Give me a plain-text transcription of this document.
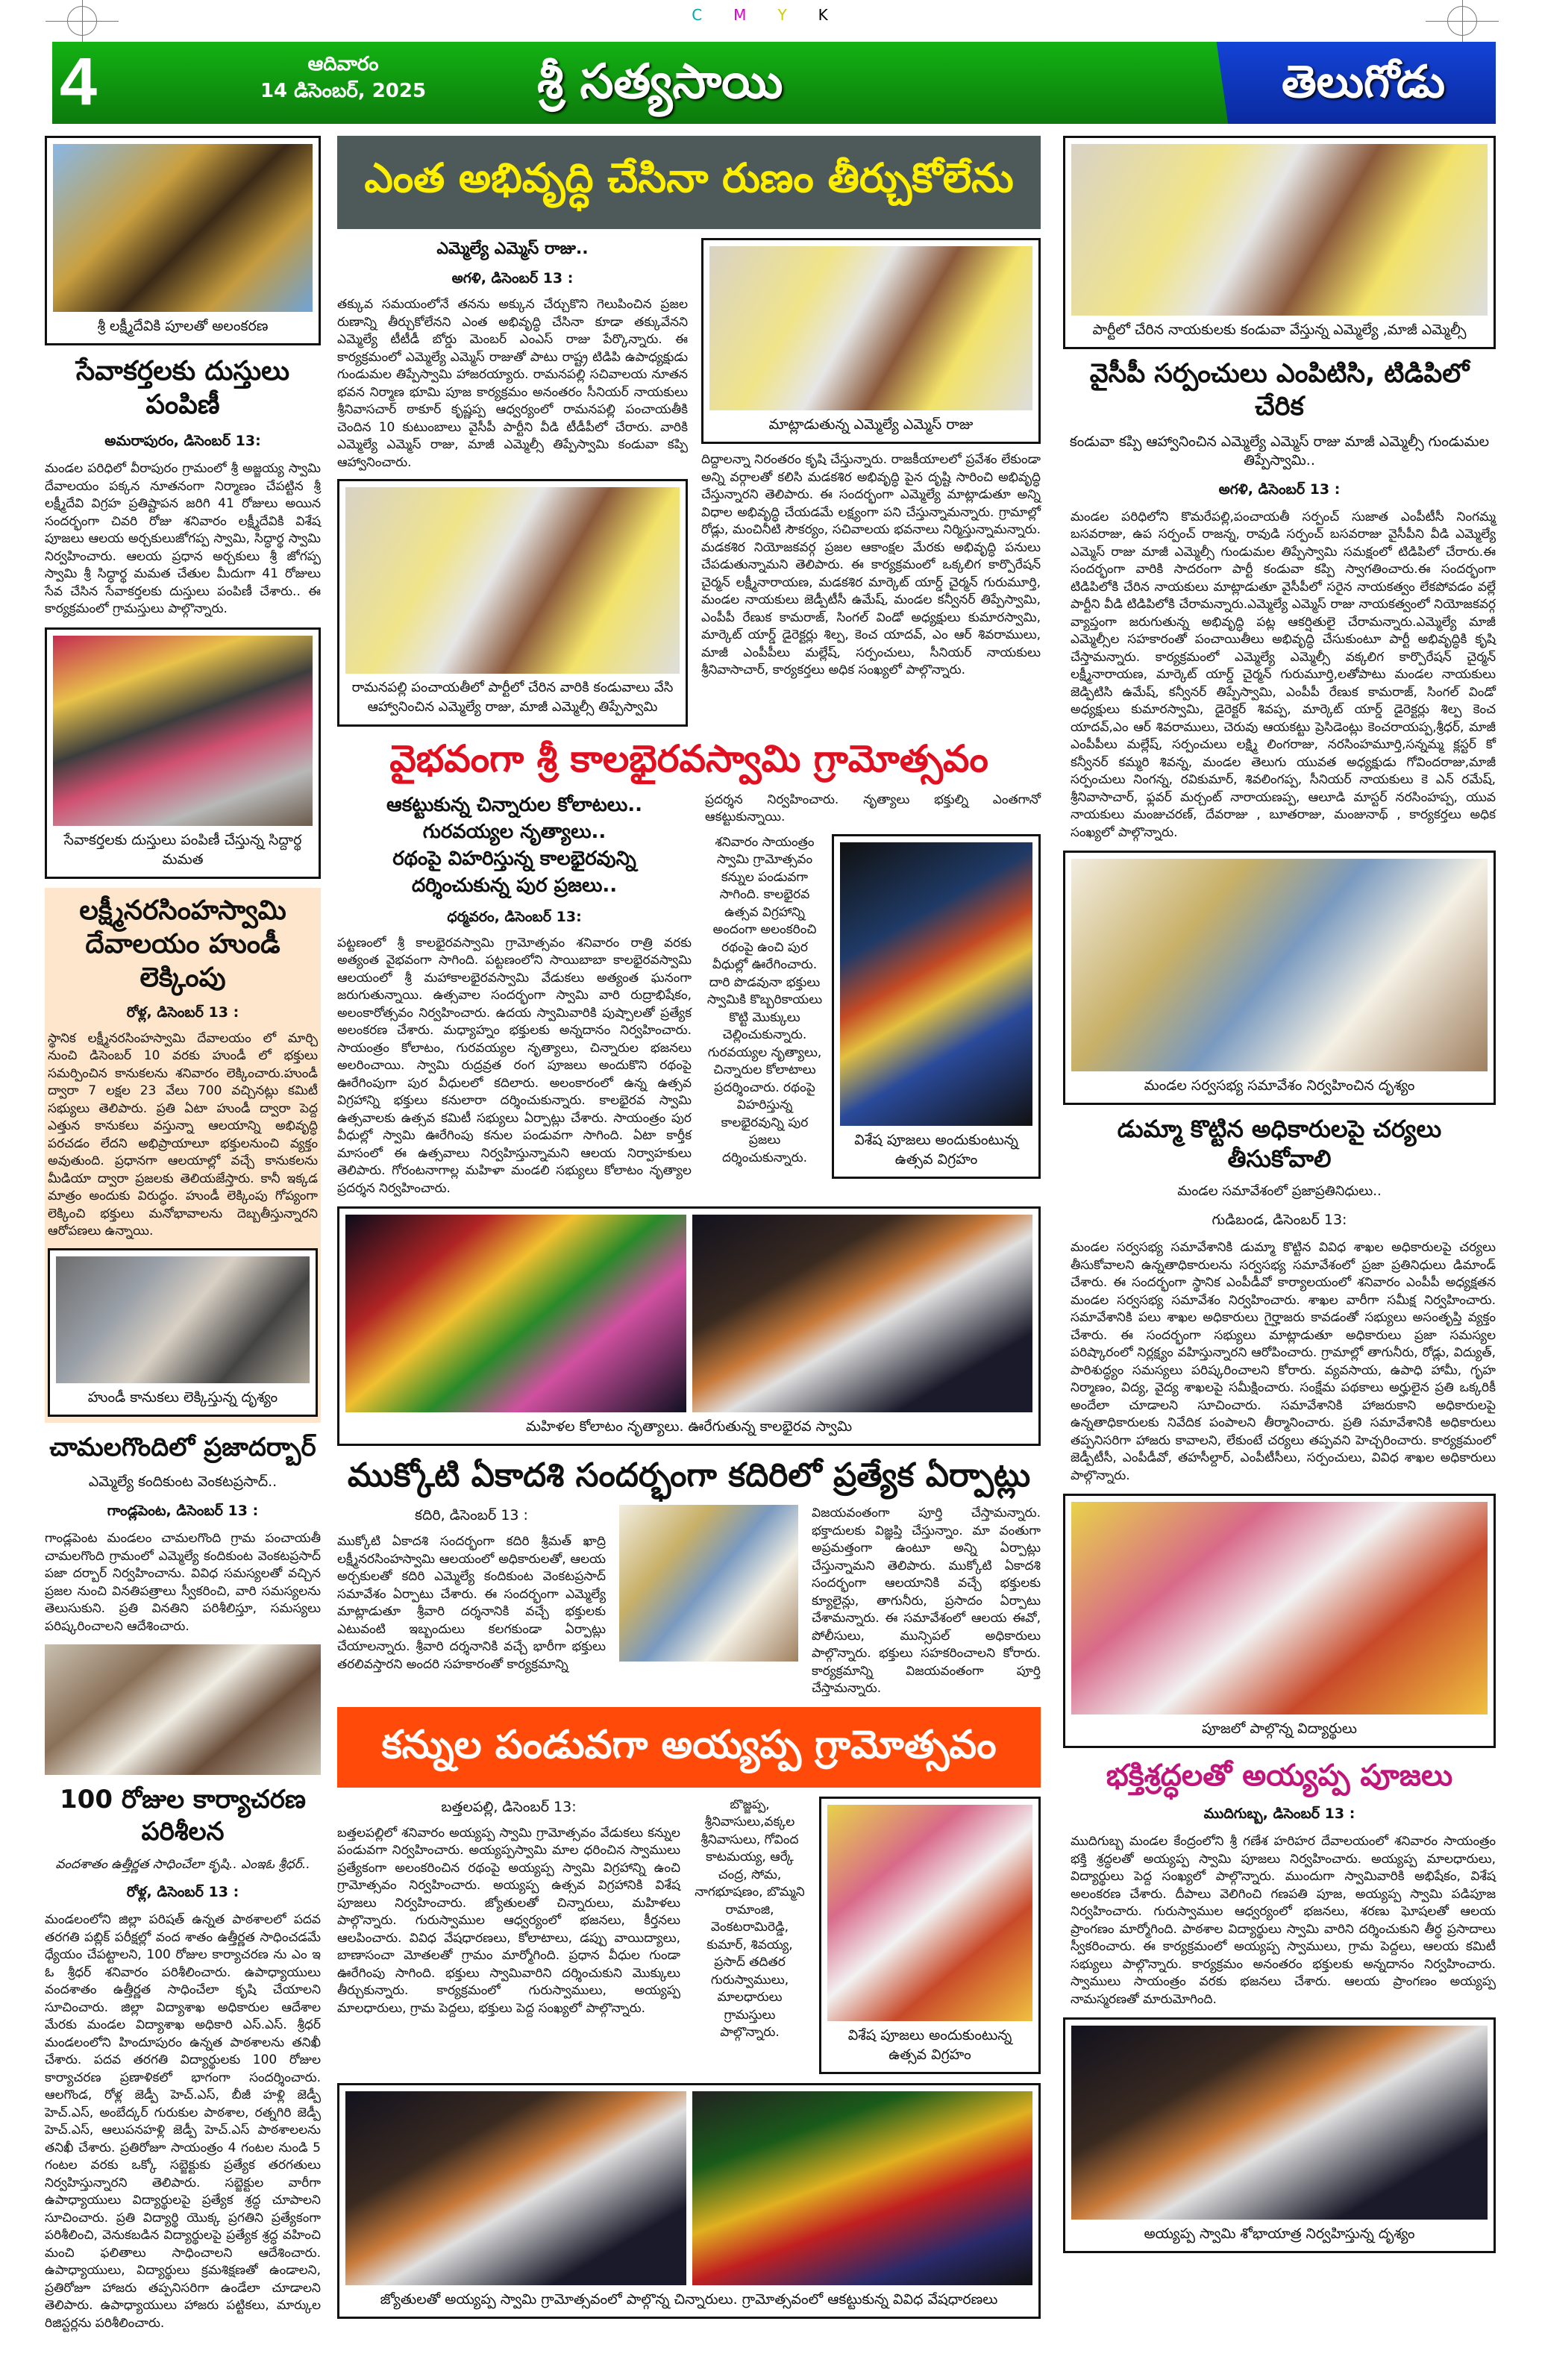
C M Y K
4	ఆదివారం
14 డిసెంబర్, 2025	శ్రీ సత్యసాయి	తెలుగోడు
శ్రీ లక్ష్మీదేవికి పూలతో అలంకరణ
సేవాకర్తలకు దుస్తులు పంపిణీ
అమరాపురం, డిసెంబర్ 13:
మండల పరిధిలో వీరాపురం గ్రామంలో శ్రీ అజ్జయ్య స్వామి దేవాలయం పక్కన నూతనంగా నిర్మాణం చేపట్టిన శ్రీ లక్ష్మీదేవి విగ్రహ ప్రతిష్టాపన జరిగి 41 రోజులు అయిన సందర్భంగా చివరి రోజు శనివారం లక్ష్మీదేవికి విశేష పూజలు ఆలయ అర్చకులుజోగప్ప స్వామి, సిద్ధార్థ స్వామి నిర్వహించారు. ఆలయ ప్రధాన అర్చకులు శ్రీ జోగప్ప స్వామి శ్రీ సిద్ధార్థ మమత చేతుల మీదుగా 41 రోజులు సేవ చేసిన సేవాకర్తలకు దుస్తులు పంపిణీ చేశారు.. ఈ కార్యక్రమంలో గ్రామస్తులు పాల్గొన్నారు.
సేవాకర్తలకు దుస్తులు పంపిణీ చేస్తున్న సిద్దార్థ మమత
లక్ష్మీనరసింహస్వామి దేవాలయం హుండీ లెక్కింపు
రోళ్ల, డిసెంబర్ 13 :
స్థానిక లక్ష్మీనరసింహస్వామి దేవాలయం లో మార్చి నుంచి డిసెంబర్ 10 వరకు హుండీ లో భక్తులు సమర్పించిన కానుకలను శనివారం లెక్కించారు.హుండీ ద్వారా 7 లక్షల 23 వేలు 700 వచ్చినట్లు కమిటీ సభ్యులు తెలిపారు. ప్రతి ఏటా హుండీ ద్వారా పెద్ద ఎత్తున కానుకలు వస్తున్నా ఆలయాన్ని అభివృద్ధి పరచడం లేదని అభిప్రాయాలూ భక్తులనుంచి వ్యక్తం అవుతుంది. ప్రధానగా ఆలయాల్లో వచ్చే కానుకలను మీడియా ద్వారా ప్రజలకు తెలియజేస్తారు. కానీ ఇక్కడ మాత్రం అందుకు విరుద్ధం. హుండీ లెక్కింపు గోప్యంగా లెక్కించి భక్తులు మనోభావాలను దెబ్బతీస్తున్నారని ఆరోపణలు ఉన్నాయి.
హుండీ కానుకలు లెక్కిస్తున్న దృశ్యం
చామలగొందిలో ప్రజాదర్బార్
ఎమ్మెల్యే కందికుంట వెంకటప్రసాద్..
గాండ్లపెంట, డిసెంబర్ 13 :
గాండ్లపెంట మండలం చామలగొంది గ్రామ పంచాయతీ చామలగొంది గ్రామంలో ఎమ్మెల్యే కందికుంట వెంకటప్రసాద్ పజా దర్బార్ నిర్వహించాను. వివిధ సమస్యలతో వచ్చిన ప్రజల నుంచి వినతిపత్రాలు స్వీకరించి, వారి సమస్యలను తెలుసుకుని. ప్రతి వినతిని పరిశీలిస్తూ, సమస్యలు పరిష్కరించాలని ఆదేశించారు.
100 రోజుల కార్యాచరణ పరిశీలన
వందశాతం ఉత్తీర్ణత సాధించేలా కృషి.. ఎంఇఓ శ్రీధర్..
రోళ్ల, డిసెంబర్ 13 :
మండలంలోని జిల్లా పరిషత్ ఉన్నత పాఠశాలలో పదవ తరగతి పబ్లిక్ పరీక్షల్లో వంద శాతం ఉత్తీర్ణత సాధించడమే ధ్యేయం చేపట్టాలని, 100 రోజుల కార్యాచరణ ను ఎం ఇ ఓ శ్రీధర్ శనివారం పరిశీలించారు. ఉపాధ్యాయులు వందశాతం ఉత్తీర్ణత సాధించేలా కృషి చేయాలని సూచించారు. జిల్లా విద్యాశాఖ అధికారుల ఆదేశాల మేరకు మండల విద్యాశాఖ అధికారి ఎస్.ఎస్. శ్రీధర్ మండలంలోని హిందూపురం ఉన్నత పాఠశాలను తనిఖీ చేశారు. పదవ తరగతి విద్యార్థులకు 100 రోజుల కార్యాచరణ ప్రణాళికలో భాగంగా సందర్శించారు. ఆలగొండ, రోళ్ల జెడ్పీ హెచ్.ఎస్, బీజీ హళ్లి జెడ్పీ హెచ్.ఎస్, అంబేద్కర్ గురుకుల పాఠశాల, రత్నగిరి జెడ్పీ హెచ్.ఎస్, ఆలుపనహళ్లి జెడ్పీ హెచ్.ఎస్ పాఠశాలలను తనిఖీ చేశారు. ప్రతిరోజూ సాయంత్రం 4 గంటల నుండి 5 గంటల వరకు ఒక్కో సబ్జెక్టుకు ప్రత్యేక తరగతులు నిర్వహిస్తున్నారని తెలిపారు. సబ్జెక్టుల వారీగా ఉపాధ్యాయులు విద్యార్థులపై ప్రత్యేక శ్రద్ధ చూపాలని సూచించారు. ప్రతి విద్యార్థి యొక్క ప్రగతిని ప్రత్యేకంగా పరిశీలించి, వెనుకబడిన విద్యార్థులపై ప్రత్యేక శ్రద్ధ వహించి మంచి ఫలితాలు సాధించాలని ఆదేశించారు. ఉపాధ్యాయులు, విద్యార్థులు క్రమశిక్షణతో ఉండాలని, ప్రతిరోజూ హాజరు తప్పనిసరిగా ఉండేలా చూడాలని తెలిపారు. ఉపాధ్యాయులు హాజరు పట్టికలు, మార్కుల రిజిస్టర్లను పరిశీలించారు.
ఎంత అభివృద్ధి చేసినా రుణం తీర్చుకోలేను
ఎమ్మెల్యే ఎమ్మెస్ రాజు..
అగళి, డిసెంబర్ 13 :
తక్కువ సమయంలోనే తనను అక్కున చేర్చుకొని గెలుపించిన ప్రజల రుణాన్ని తీర్చుకోలేనని ఎంత అభివృద్ధి చేసినా కూడా తక్కువేనని ఎమ్మెల్యే టీటీడీ బోర్డు మెంబర్ ఎంఎస్ రాజు పేర్కొన్నారు. ఈ కార్యక్రమంలో ఎమ్మెల్యే ఎమ్మెస్ రాజుతో పాటు రాష్ట్ర టిడిపి ఉపాధ్యక్షుడు గుండుమల తిప్పేస్వామి హాజరయ్యారు. రామనపల్లి సచివాలయ నూతన భవన నిర్మాణ భూమి పూజ కార్యక్రమం అనంతరం సీనియర్ నాయకులు శ్రీనివాసచార్ ఠాకూర్ కృష్ణప్ప ఆధ్వర్యంలో రామనపల్లి పంచాయతీకి చెందిన 10 కుటుంబాలు వైసీపీ పార్టీని వీడి టీడీపీలో చేరారు. వారికి ఎమ్మెల్యే ఎమ్మెస్ రాజు, మాజీ ఎమ్మెల్సీ తిప్పేస్వామి కండువా కప్పి ఆహ్వానించారు.
రామనపల్లి పంచాయతీలో పార్టీలో చేరిన వారికి కండువాలు వేసి ఆహ్వానించిన ఎమ్మెల్యే రాజు, మాజీ ఎమ్మెల్సీ తిప్పేస్వామి
మాట్లాడుతున్న ఎమ్మెల్యే ఎమ్మెస్ రాజు
దిద్దాలన్నా నిరంతరం కృషి చేస్తున్నారు. రాజకీయాలలో ప్రవేశం లేకుండా అన్ని వర్గాలతో కలిసి మడకశిర అభివృద్ధి పైన దృష్టి సారించి అభివృద్ధి చేస్తున్నారని తెలిపారు. ఈ సందర్భంగా ఎమ్మెల్యే మాట్లాడుతూ అన్ని విధాల అభివృద్ధి చేయడమే లక్ష్యంగా పని చేస్తున్నామన్నారు. గ్రామాల్లో రోడ్లు, మంచినీటి సౌకర్యం, సచివాలయ భవనాలు నిర్మిస్తున్నామన్నారు. మడకశిర నియోజకవర్గ ప్రజల ఆకాంక్షల మేరకు అభివృద్ధి పనులు చేపడుతున్నామని తెలిపారు. ఈ కార్యక్రమంలో ఒక్కలిగ కార్పొరేషన్ చైర్మన్ లక్ష్మీనారాయణ, మడకశిర మార్కెట్ యార్డ్ చైర్మన్ గురుమూర్తి, మండల నాయకులు జెడ్పీటీసీ ఉమేష్, మండల కన్వీనర్ తిప్పేస్వామి, ఎంపీపీ రేణుక కామరాజ్, సింగల్ విండో అధ్యక్షులు కుమారస్వామి, మార్కెట్ యార్డ్ డైరెక్టర్లు శిల్ప, కెంచ యాదవ్, ఎం ఆర్ శివరాములు, మాజీ ఎంపీపీలు మల్లేష్, సర్పంచులు, సీనియర్ నాయకులు శ్రీనివాసాచార్, కార్యకర్తలు అధిక సంఖ్యలో పాల్గొన్నారు.
వైభవంగా శ్రీ కాలభైరవస్వామి గ్రామోత్సవం
ఆకట్టుకున్న చిన్నారుల కోలాటలు..
గురవయ్యల నృత్యాలు..
రథంపై విహరిస్తున్న కాలభైరవున్ని
దర్శించుకున్న పుర ప్రజలు..
ధర్మవరం, డిసెంబర్ 13:
పట్టణంలో శ్రీ కాలభైరవస్వామి గ్రామోత్సవం శనివారం రాత్రి వరకు అత్యంత వైభవంగా సాగింది. పట్టణంలోని సాయిబాబా కాలభైరవస్వామి ఆలయంలో శ్రీ మహాకాలభైరవస్వామి వేడుకలు అత్యంత ఘనంగా జరుగుతున్నాయి. ఉత్సవాల సందర్భంగా స్వామి వారి రుద్రాభిషేకం, అలంకారోత్సవం నిర్వహించారు. ఉదయ స్వామివారికి పుష్పాలతో ప్రత్యేక అలంకరణ చేశారు. మధ్యాహ్నం భక్తులకు అన్నదానం నిర్వహించారు. సాయంత్రం కోలాటం, గురవయ్యల నృత్యాలు, చిన్నారుల భజనలు అలరించాయి. స్వామి రుద్రవ్రత రంగ పూజలు అందుకొని రథంపై ఊరేగింపుగా పుర వీధులలో కదిలారు. అలంకారంలో ఉన్న ఉత్సవ విగ్రహాన్ని భక్తులు కనులారా దర్శించుకున్నారు. కాలభైరవ స్వామి ఉత్సవాలకు ఉత్సవ కమిటీ సభ్యులు ఏర్పాట్లు చేశారు. సాయంత్రం పుర వీధుల్లో స్వామి ఊరేగింపు కనుల పండువగా సాగింది. ఏటా కార్తీక మాసంలో ఈ ఉత్సవాలు నిర్వహిస్తున్నామని ఆలయ నిర్వాహకులు తెలిపారు. గోరంటనాగాల్ల మహిళా మండలి సభ్యులు కోలాటం నృత్యాల ప్రదర్శన నిర్వహించారు.
ప్రదర్శన నిర్వహించారు. నృత్యాలు భక్తుల్ని ఎంతగానో ఆకట్టుకున్నాయి.
శనివారం సాయంత్రం స్వామి గ్రామోత్సవం కన్నుల పండువగా సాగింది. కాలభైరవ ఉత్సవ విగ్రహాన్ని అందంగా అలంకరించి రథంపై ఉంచి పుర వీధుల్లో ఊరేగించారు. దారి పొడవునా భక్తులు స్వామికి కొబ్బరికాయలు కొట్టి మొక్కులు చెల్లించుకున్నారు. గురవయ్యల నృత్యాలు, చిన్నారుల కోలాటాలు ప్రదర్శించారు. రథంపై విహరిస్తున్న కాలభైరవున్ని పుర ప్రజలు దర్శించుకున్నారు.
విశేష పూజలు అందుకుంటున్న ఉత్సవ విగ్రహం
మహిళల కోలాటం నృత్యాలు. ఊరేగుతున్న కాలభైరవ స్వామి
ముక్కోటి ఏకాదశి సందర్భంగా కదిరిలో ప్రత్యేక ఏర్పాట్లు
కదిరి, డిసెంబర్ 13 :
ముక్కోటి ఏకాదశి సందర్భంగా కదిరి శ్రీమత్ ఖాద్రి లక్ష్మీనరసింహస్వామి ఆలయంలో అధికారులతో, ఆలయ అర్చకులతో కదిరి ఎమ్మెల్యే కందికుంట వెంకటప్రసాద్ సమావేశం ఏర్పాటు చేశారు. ఈ సందర్భంగా ఎమ్మెల్యే మాట్లాడుతూ శ్రీవారి దర్శనానికి వచ్చే భక్తులకు ఎటువంటి ఇబ్బందులు కలగకుండా ఏర్పాట్లు చేయాలన్నారు. శ్రీవారి దర్శనానికి వచ్చే భారీగా భక్తులు తరలివస్తారని అందరి సహకారంతో కార్యక్రమాన్ని
విజయవంతంగా పూర్తి చేస్తామన్నారు. భక్తాదులకు విజ్ఞప్తి చేస్తున్నాం. మా వంతుగా అప్రమత్తంగా ఉంటూ అన్ని ఏర్పాట్లు చేస్తున్నామని తెలిపారు. ముక్కోటి ఏకాదశి సందర్భంగా ఆలయానికి వచ్చే భక్తులకు క్యూలైన్లు, తాగునీరు, ప్రసాదం ఏర్పాటు చేశామన్నారు. ఈ సమావేశంలో ఆలయ ఈవో, పోలీసులు, మున్సిపల్ అధికారులు పాల్గొన్నారు. భక్తులు సహకరించాలని కోరారు. కార్యక్రమాన్ని విజయవంతంగా పూర్తి చేస్తామన్నారు.
కన్నుల పండువగా అయ్యప్ప గ్రామోత్సవం
బత్తలపల్లి, డిసెంబర్ 13:
బత్తలపల్లిలో శనివారం అయ్యప్ప స్వామి గ్రామోత్సవం వేడుకలు కన్నుల పండువగా నిర్వహించారు. అయ్యప్పస్వామి మాల ధరించిన స్వాములు ప్రత్యేకంగా అలంకరించిన రథంపై అయ్యప్ప స్వామి విగ్రహాన్ని ఉంచి గ్రామోత్సవం నిర్వహించారు. అయ్యప్ప ఉత్సవ విగ్రహానికి విశేష పూజలు నిర్వహించారు. జ్యోతులతో చిన్నారులు, మహిళలు పాల్గొన్నారు. గురుస్వాముల ఆధ్వర్యంలో భజనలు, కీర్తనలు ఆలపించారు. వివిధ వేషధారణలు, కోలాటాలు, డప్పు వాయిద్యాలు, బాణాసంచా మోతలతో గ్రామం మార్మోగింది. ప్రధాన వీధుల గుండా ఊరేగింపు సాగింది. భక్తులు స్వామివారిని దర్శించుకుని మొక్కులు తీర్చుకున్నారు. కార్యక్రమంలో గురుస్వాములు, అయ్యప్ప మాలధారులు, గ్రామ పెద్దలు, భక్తులు పెద్ద సంఖ్యలో పాల్గొన్నారు.
బొజ్జప్ప, శ్రీనివాసులు,వక్కల శ్రీనివాసులు, గోవింద కాటమయ్య, ఆర్కే చంద్ర, సోమ, నాగభూషణం, బొమ్మని రామాంజి, వెంకటరామిరెడ్డి, కుమార్, శివయ్య, ప్రసాద్ తదితర గురుస్వాములు, మాలధారులు గ్రామస్తులు పాల్గొన్నారు.	విశేష పూజలు అందుకుంటున్న ఉత్సవ విగ్రహం
జ్యోతులతో అయ్యప్ప స్వామి గ్రామోత్సవంలో పాల్గొన్న చిన్నారులు. గ్రామోత్సవంలో ఆకట్టుకున్న వివిధ వేషధారణలు
పార్టీలో చేరిన నాయకులకు కండువా వేస్తున్న ఎమ్మెల్యే ,మాజీ ఎమ్మెల్సీ
వైసీపీ సర్పంచులు ఎంపిటిసి, టిడిపిలో చేరిక
కండువా కప్పి ఆహ్వానించిన ఎమ్మెల్యే ఎమ్మెస్ రాజు మాజీ ఎమ్మెల్సీ గుండుమల తిప్పేస్వామి..
అగళి, డిసెంబర్ 13 :
మండల పరిధిలోని కొమరేపల్లి,పంచాయతీ సర్పంచ్ సుజాత ఎంపీటీసీ నింగమ్మ బసవరాజు, ఉప సర్పంచ్ రాజన్న, రావుడి సర్పంచ్ బసవరాజు వైసీపీని వీడి ఎమ్మెల్యే ఎమ్మెస్ రాజు మాజీ ఎమ్మెల్సీ గుండుమల తిప్పేస్వామి సమక్షంలో టిడిపిలో చేరారు.ఈ సందర్భంగా వారికి సాదరంగా పార్టీ కండువా కప్పి స్వాగతించారు.ఈ సందర్భంగా టిడిపిలోకి చేరిన నాయకులు మాట్లాడుతూ వైసీపీలో సరైన నాయకత్వం లేకపోవడం వల్లే పార్టీని వీడి టిడిపిలోకి చేరామన్నారు.ఎమ్మెల్యే ఎమ్మెస్ రాజు నాయకత్వంలో నియోజకవర్గ వ్యాప్తంగా జరుగుతున్న అభివృద్ధి పట్ల ఆకర్షితులై చేరామన్నారు.ఎమ్మెల్యే మాజీ ఎమ్మెల్సీల సహకారంతో పంచాయితీలు అభివృద్ధి చేసుకుంటూ పార్టీ అభివృద్ధికి కృషి చేస్తామన్నారు. కార్యక్రమంలో ఎమ్మెల్యే ఎమ్మెల్సీ వక్కలిగ కార్పొరేషన్ చైర్మన్ లక్ష్మీనారాయణ, మార్కెట్ యార్డ్ చైర్మన్ గురుమూర్తి,లతోపాటు మండల నాయకులు జెడ్పిటిసి ఉమేష్, కన్వీనర్ తిప్పేస్వామి, ఎంపీపీ రేణుక కామరాజ్, సింగల్ విండో అధ్యక్షులు కుమారస్వామి, డైరెక్టర్ శివప్ప, మార్కెట్ యార్డ్ డైరెక్టర్లు శిల్ప కెంచ యాదవ్,ఎం ఆర్ శివరాములు, చెరువు ఆయకట్టు ప్రెసిడెంట్లు కెంచరాయప్ప,శ్రీధర్, మాజీ ఎంపీపీలు మల్లేష్, సర్పంచులు లక్ష్మి లింగరాజు, నరసింహమూర్తి,సన్నమ్మ క్లస్టర్ కో కన్వీనర్ కమ్మరి శివన్న, మండల తెలుగు యువత అధ్యక్షుడు గోవిందరాజు,మాజీ సర్పంచులు నింగన్న, రవికుమార్, శివలింగప్ప, సీనియర్ నాయకులు కె ఎన్ రమేష్, శ్రీనివాసాచార్, ఫ్లవర్ మర్చంట్ నారాయణప్ప, ఆలూడి మాస్టర్ నరసింహప్ప, యువ నాయకులు మంజుచరణ్, దేవరాజు , బూతరాజు, మంజునాథ్ , కార్యకర్తలు అధిక సంఖ్యలో పాల్గొన్నారు.
మండల సర్వసభ్య సమావేశం నిర్వహించిన దృశ్యం
డుమ్మా కొట్టిన అధికారులపై చర్యలు తీసుకోవాలి
మండల సమావేశంలో ప్రజాప్రతినిధులు..
గుడిబండ, డిసెంబర్ 13:
మండల సర్వసభ్య సమావేశానికి డుమ్మా కొట్టిన వివిధ శాఖల అధికారులపై చర్యలు తీసుకోవాలని ఉన్నతాధికారులను సర్వసభ్య సమావేశంలో ప్రజా ప్రతినిధులు డిమాండ్ చేశారు. ఈ సందర్భంగా స్థానిక ఎంపీడీవో కార్యాలయంలో శనివారం ఎంపీపీ అధ్యక్షతన మండల సర్వసభ్య సమావేశం నిర్వహించారు. శాఖల వారీగా సమీక్ష నిర్వహించారు. సమావేశానికి పలు శాఖల అధికారులు గైర్హాజరు కావడంతో సభ్యులు అసంతృప్తి వ్యక్తం చేశారు. ఈ సందర్భంగా సభ్యులు మాట్లాడుతూ అధికారులు ప్రజా సమస్యల పరిష్కారంలో నిర్లక్ష్యం వహిస్తున్నారని ఆరోపించారు. గ్రామాల్లో తాగునీరు, రోడ్లు, విద్యుత్, పారిశుద్ధ్యం సమస్యలు పరిష్కరించాలని కోరారు. వ్యవసాయ, ఉపాధి హామీ, గృహ నిర్మాణం, విద్య, వైద్య శాఖలపై సమీక్షించారు. సంక్షేమ పథకాలు అర్హులైన ప్రతి ఒక్కరికీ అందేలా చూడాలని సూచించారు. సమావేశానికి హాజరుకాని అధికారులపై ఉన్నతాధికారులకు నివేదిక పంపాలని తీర్మానించారు. ప్రతి సమావేశానికి అధికారులు తప్పనిసరిగా హాజరు కావాలని, లేకుంటే చర్యలు తప్పవని హెచ్చరించారు. కార్యక్రమంలో జెడ్పీటీసీ, ఎంపీడీవో, తహసీల్దార్, ఎంపీటీసీలు, సర్పంచులు, వివిధ శాఖల అధికారులు పాల్గొన్నారు.
పూజలో పాల్గొన్న విద్యార్థులు
భక్తిశ్రద్ధలతో అయ్యప్ప పూజలు
ముదిగుబ్బ, డిసెంబర్ 13 :
ముదిగుబ్బ మండల కేంద్రంలోని శ్రీ గణేశ హరిహర దేవాలయంలో శనివారం సాయంత్రం భక్తి శ్రద్ధలతో అయ్యప్ప స్వామి పూజలు నిర్వహించారు. అయ్యప్ప మాలధారులు, విద్యార్థులు పెద్ద సంఖ్యలో పాల్గొన్నారు. ముందుగా స్వామివారికి అభిషేకం, విశేష అలంకరణ చేశారు. దీపాలు వెలిగించి గణపతి పూజ, అయ్యప్ప స్వామి పడిపూజ నిర్వహించారు. గురుస్వాముల ఆధ్వర్యంలో భజనలు, శరణు ఘోషలతో ఆలయ ప్రాంగణం మార్మోగింది. పాఠశాల విద్యార్థులు స్వామి వారిని దర్శించుకుని తీర్థ ప్రసాదాలు స్వీకరించారు. ఈ కార్యక్రమంలో అయ్యప్ప స్వాములు, గ్రామ పెద్దలు, ఆలయ కమిటీ సభ్యులు పాల్గొన్నారు. కార్యక్రమం అనంతరం భక్తులకు అన్నదానం నిర్వహించారు. స్వాములు సాయంత్రం వరకు భజనలు చేశారు. ఆలయ ప్రాంగణం అయ్యప్ప నామస్మరణతో మారుమోగింది.
అయ్యప్ప స్వామి శోభాయాత్ర నిర్వహిస్తున్న దృశ్యం
